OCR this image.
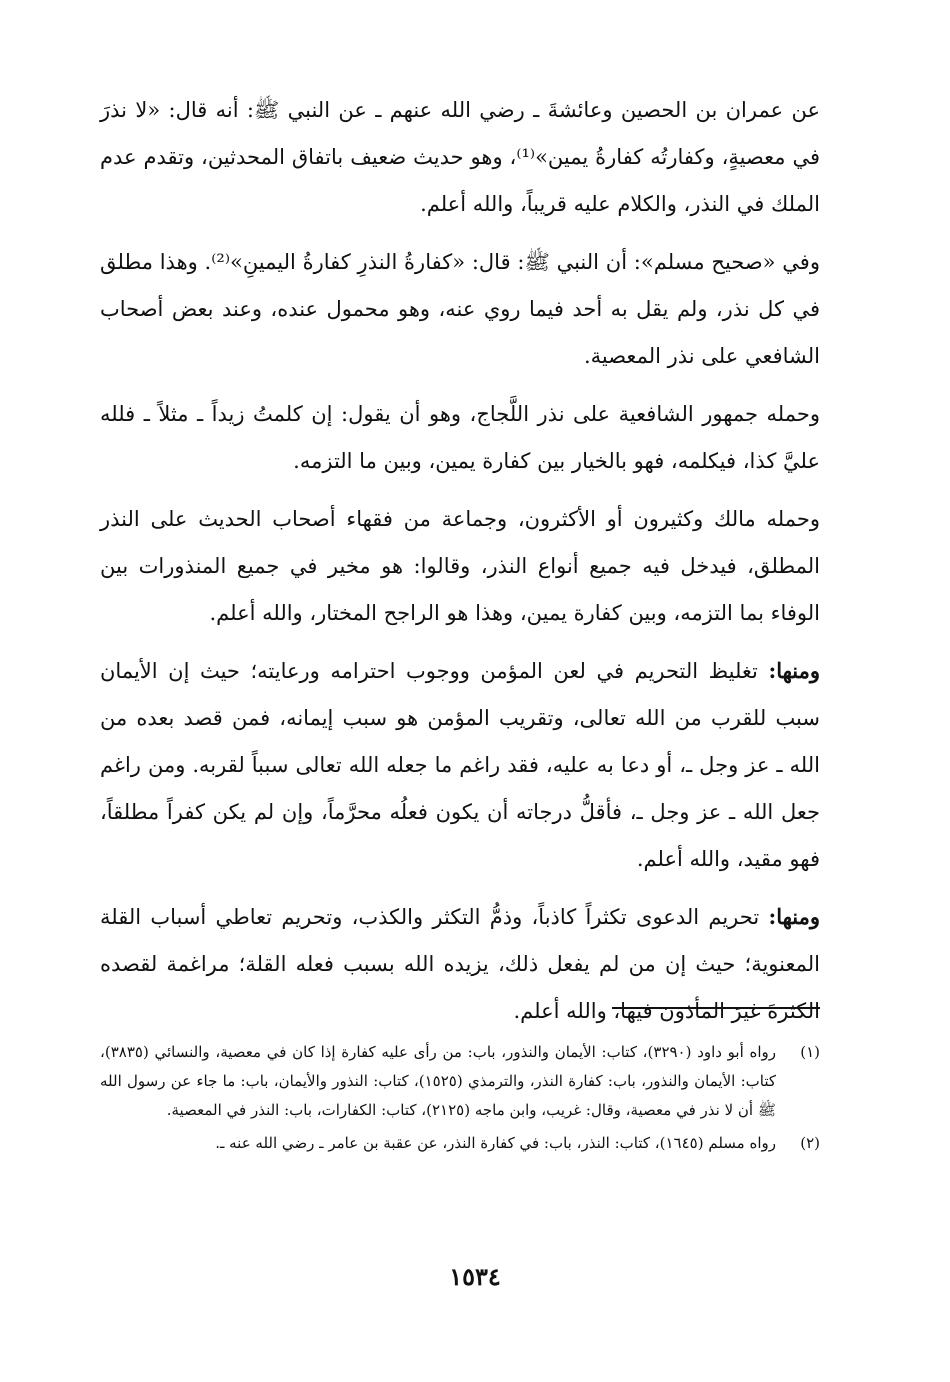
عن عمران بن الحصين وعائشةَ ـ رضي الله عنهم ـ عن النبي ﷺ: أنه قال: «لا نذرَ في معصيةٍ، وكفارتُه كفارةُ يمين»⁽¹⁾، وهو حديث ضعيف باتفاق المحدثين، وتقدم عدم الملك في النذر، والكلام عليه قريباً، والله أعلم.

وفي «صحيح مسلم»: أن النبي ﷺ: قال: «كفارةُ النذرِ كفارةُ اليمينِ»⁽²⁾. وهذا مطلق في كل نذر، ولم يقل به أحد فيما روي عنه، وهو محمول عنده، وعند بعض أصحاب الشافعي على نذر المعصية.

وحمله جمهور الشافعية على نذر اللَّجاج، وهو أن يقول: إن كلمتُ زيداً ـ مثلاً ـ فلله عليَّ كذا، فيكلمه، فهو بالخيار بين كفارة يمين، وبين ما التزمه.

وحمله مالك وكثيرون أو الأكثرون، وجماعة من فقهاء أصحاب الحديث على النذر المطلق، فيدخل فيه جميع أنواع النذر، وقالوا: هو مخير في جميع المنذورات بين الوفاء بما التزمه، وبين كفارة يمين، وهذا هو الراجح المختار، والله أعلم.

ومنها: تغليظ التحريم في لعن المؤمن ووجوب احترامه ورعايته؛ حيث إن الأيمان سبب للقرب من الله تعالى، وتقريب المؤمن هو سبب إيمانه، فمن قصد بعده من الله ـ عز وجل ـ، أو دعا به عليه، فقد راغم ما جعله الله تعالى سبباً لقربه. ومن راغم جعل الله ـ عز وجل ـ، فأقلُّ درجاته أن يكون فعلُه محرَّماً، وإن لم يكن كفراً مطلقاً، فهو مقيد، والله أعلم.

ومنها: تحريم الدعوى تكثراً كاذباً، وذمُّ التكثر والكذب، وتحريم تعاطي أسباب القلة المعنوية؛ حيث إن من لم يفعل ذلك، يزيده الله بسبب فعله القلة؛ مراغمة لقصده الكثرةَ غيرَ المأذون فيها، والله أعلم.

(١)
رواه أبو داود (٣٢٩٠)، كتاب: الأيمان والنذور، باب: من رأى عليه كفارة إذا كان في معصية، والنسائي (٣٨٣٥)، كتاب: الأيمان والنذور، باب: كفارة النذر، والترمذي (١٥٢٥)، كتاب: النذور والأيمان، باب: ما جاء عن رسول الله ﷺ أن لا نذر في معصية، وقال: غريب، وابن ماجه (٢١٢٥)، كتاب: الكفارات، باب: النذر في المعصية.
(٢)
رواه مسلم (١٦٤٥)، كتاب: النذر، باب: في كفارة النذر، عن عقبة بن عامر ـ رضي الله عنه ـ.
١٥٣٤
